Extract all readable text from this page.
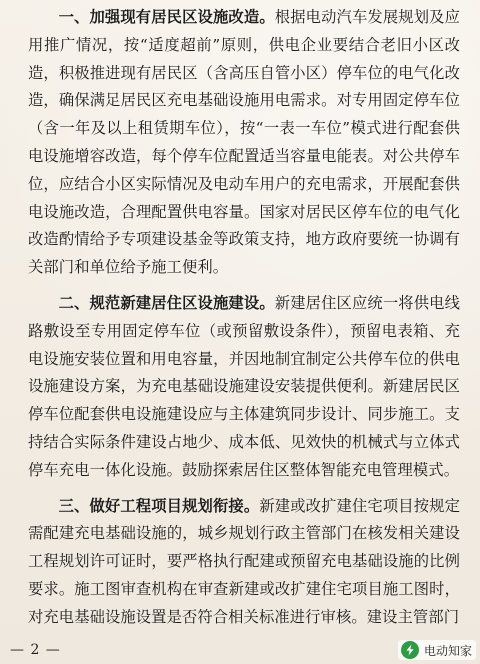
一、加强现有居民区设施改造。根据电动汽车发展规划及应用推广情况，按“适度超前”原则，供电企业要结合老旧小区改造，积极推进现有居民区（含高压自管小区）停车位的电气化改造，确保满足居民区充电基础设施用电需求。对专用固定停车位（含一年及以上租赁期车位），按“一表一车位”模式进行配套供电设施增容改造，每个停车位配置适当容量电能表。对公共停车位，应结合小区实际情况及电动车用户的充电需求，开展配套供电设施改造，合理配置供电容量。国家对居民区停车位的电气化改造酌情给予专项建设基金等政策支持，地方政府要统一协调有关部门和单位给予施工便利。

二、规范新建居住区设施建设。新建居住区应统一将供电线路敷设至专用固定停车位（或预留敷设条件），预留电表箱、充电设施安装位置和用电容量，并因地制宜制定公共停车位的供电设施建设方案，为充电基础设施建设安装提供便利。新建居民区停车位配套供电设施建设应与主体建筑同步设计、同步施工。支持结合实际条件建设占地少、成本低、见效快的机械式与立体式停车充电一体化设施。鼓励探索居住区整体智能充电管理模式。

三、做好工程项目规划衔接。新建或改扩建住宅项目按规定需配建充电基础设施的，城乡规划行政主管部门在核发相关建设工程规划许可证时，要严格执行配建或预留充电基础设施的比例要求。施工图审查机构在审查新建或改扩建住宅项目施工图时，对充电基础设施设置是否符合相关标准进行审核。建设主管部门

— 2 —	电动知家
